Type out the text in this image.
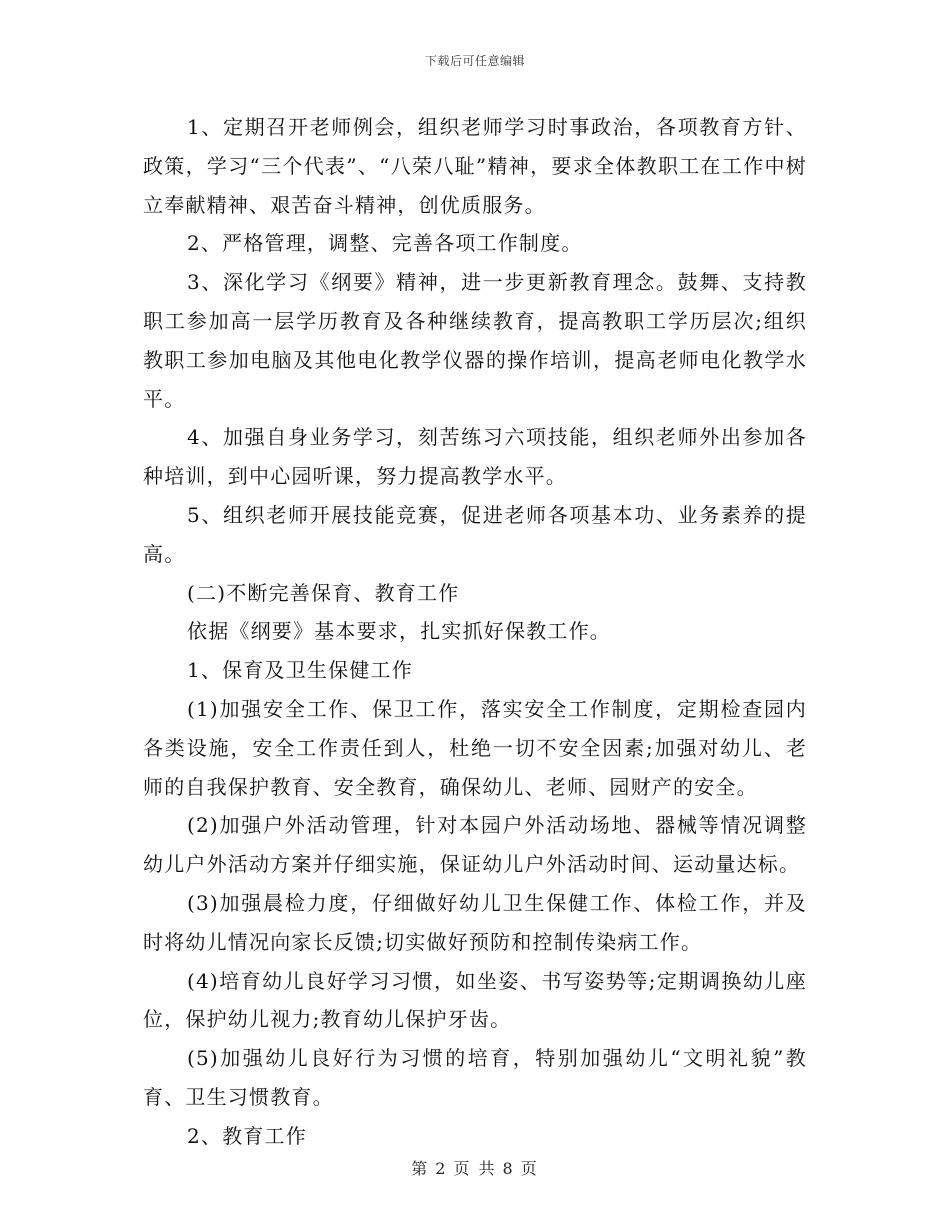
下载后可任意编辑

1、定期召开老师例会，组织老师学习时事政治，各项教育方针、政策，学习“三个代表”、“八荣八耻”精神，要求全体教职工在工作中树立奉献精神、艰苦奋斗精神，创优质服务。

2、严格管理，调整、完善各项工作制度。

3、深化学习《纲要》精神，进一步更新教育理念。鼓舞、支持教职工参加高一层学历教育及各种继续教育，提高教职工学历层次;组织教职工参加电脑及其他电化教学仪器的操作培训，提高老师电化教学水平。

4、加强自身业务学习，刻苦练习六项技能，组织老师外出参加各种培训，到中心园听课，努力提高教学水平。

5、组织老师开展技能竞赛，促进老师各项基本功、业务素养的提高。

(二)不断完善保育、教育工作

依据《纲要》基本要求，扎实抓好保教工作。

1、保育及卫生保健工作

(1)加强安全工作、保卫工作，落实安全工作制度，定期检查园内各类设施，安全工作责任到人，杜绝一切不安全因素;加强对幼儿、老师的自我保护教育、安全教育，确保幼儿、老师、园财产的安全。

(2)加强户外活动管理，针对本园户外活动场地、器械等情况调整幼儿户外活动方案并仔细实施，保证幼儿户外活动时间、运动量达标。

(3)加强晨检力度，仔细做好幼儿卫生保健工作、体检工作，并及时将幼儿情况向家长反馈;切实做好预防和控制传染病工作。

(4)培育幼儿良好学习习惯，如坐姿、书写姿势等;定期调换幼儿座位，保护幼儿视力;教育幼儿保护牙齿。

(5)加强幼儿良好行为习惯的培育，特别加强幼儿“文明礼貌”教育、卫生习惯教育。

2、教育工作

第 2 页 共 8 页
